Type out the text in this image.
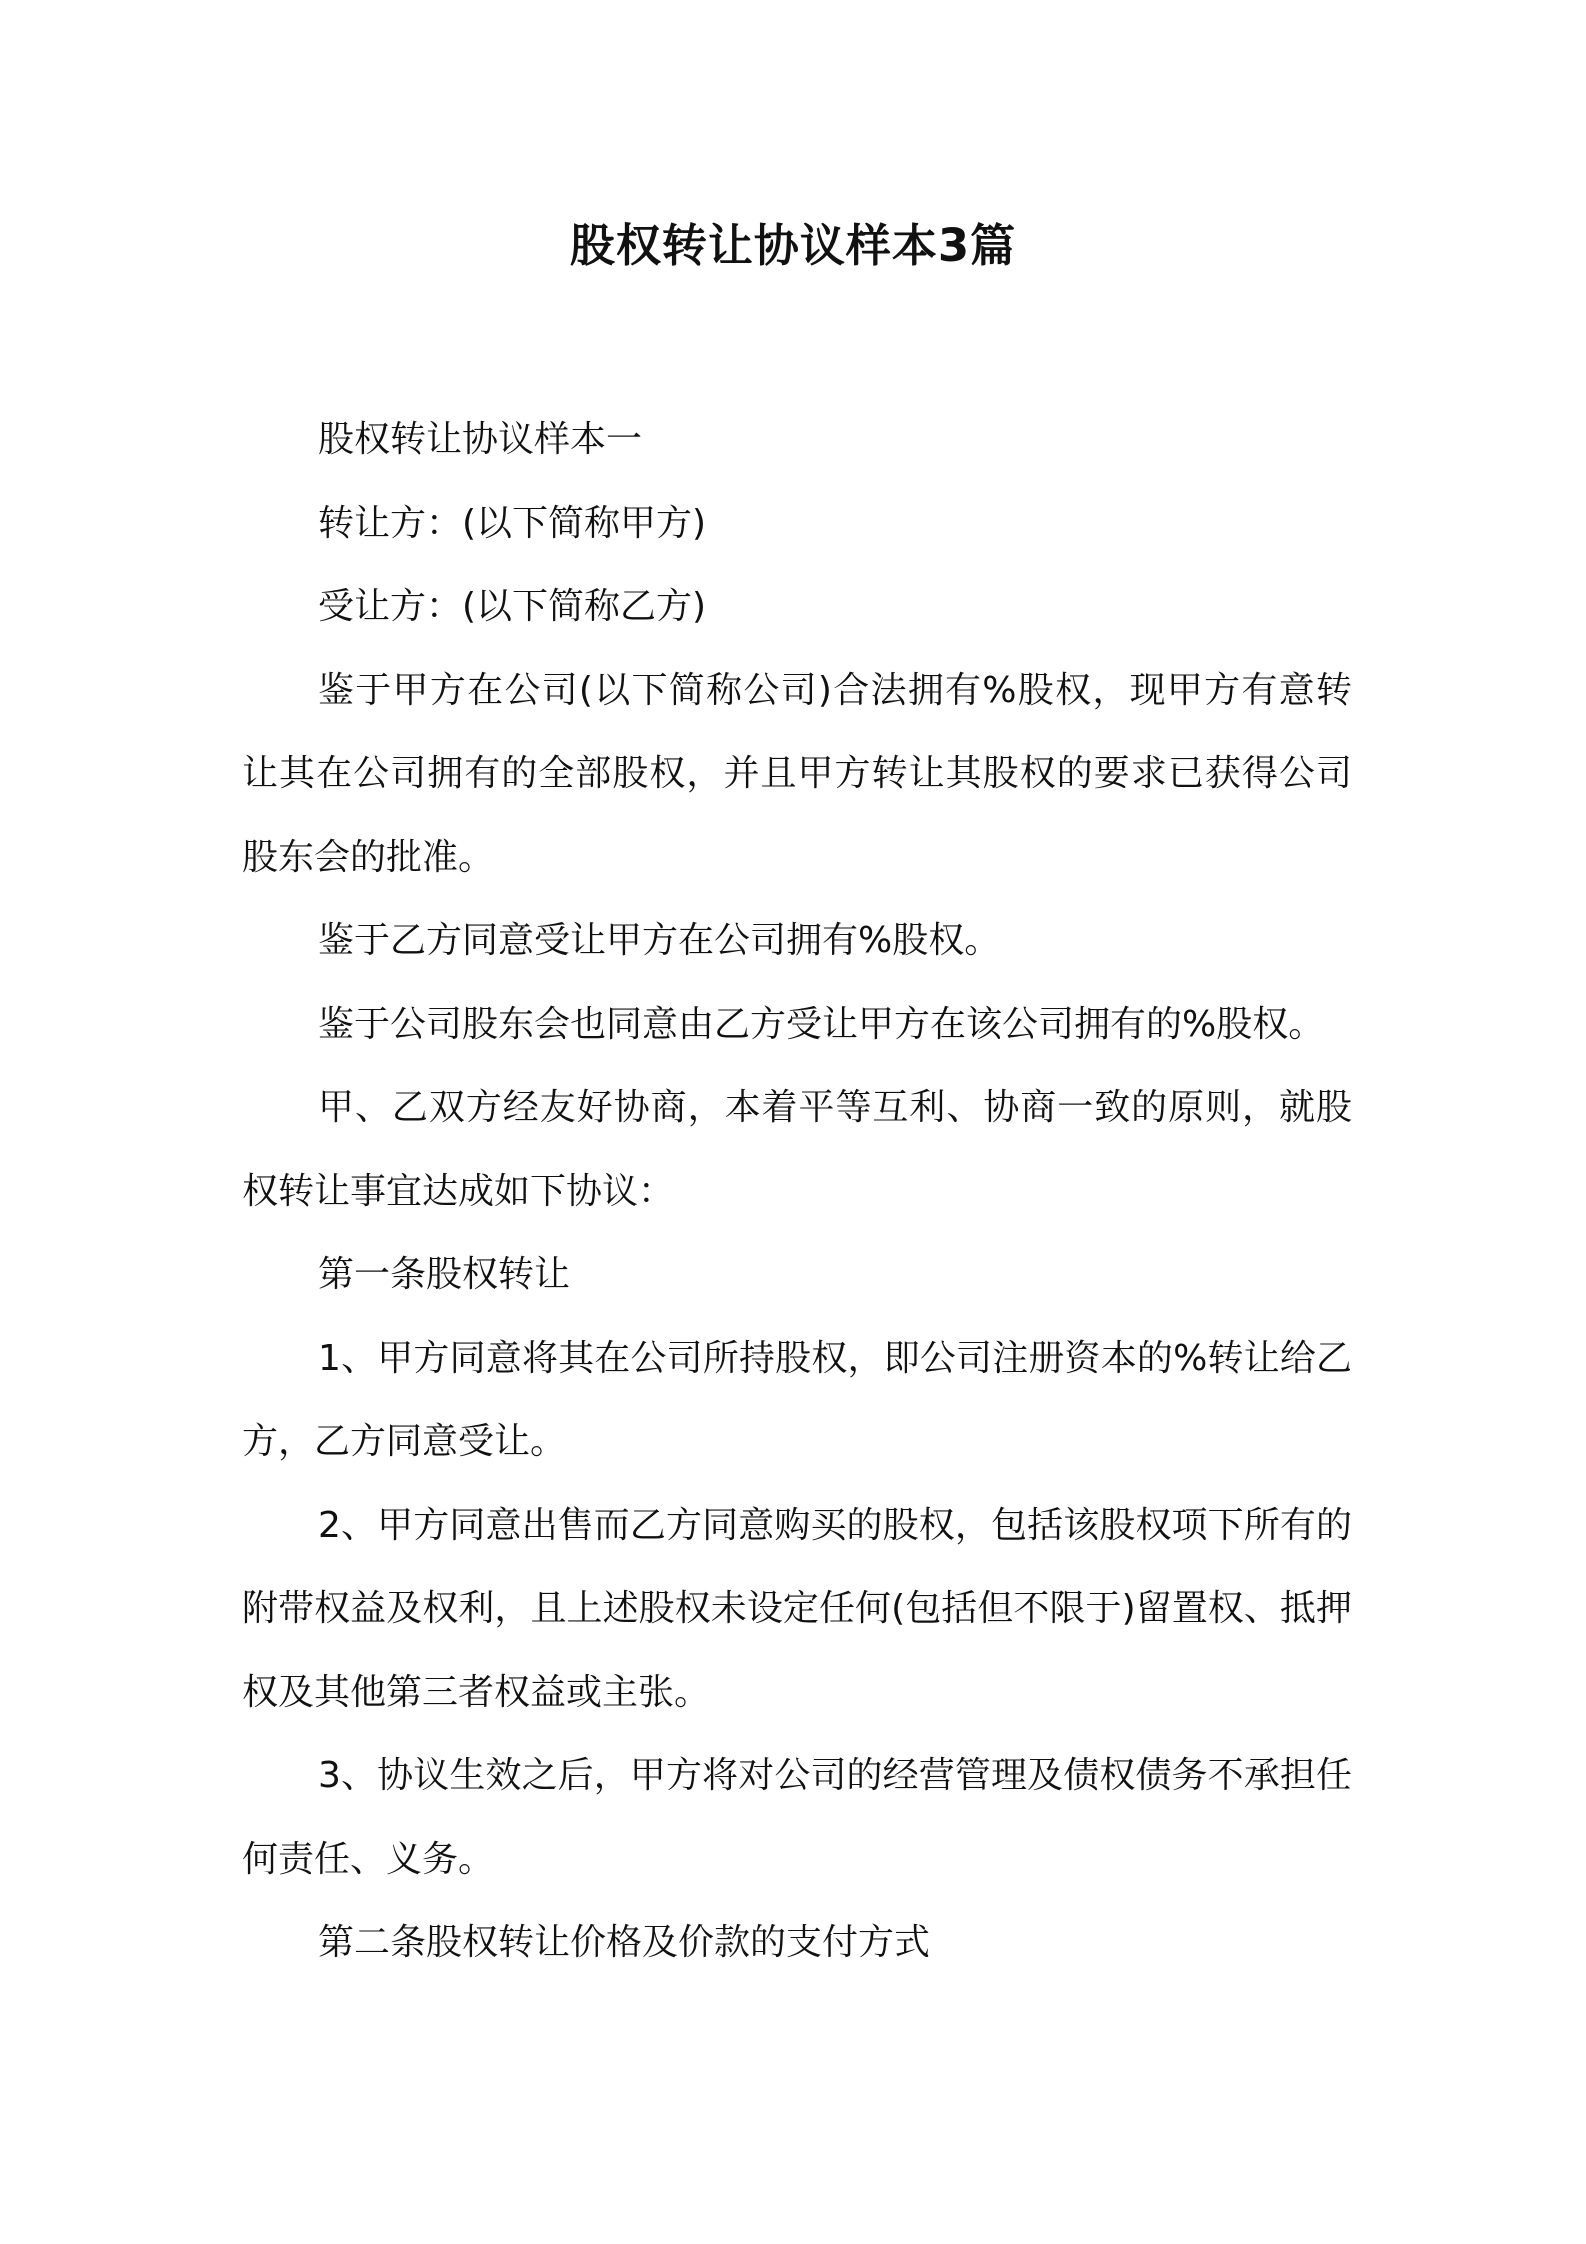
股权转让协议样本3篇

股权转让协议样本一

转让方：(以下简称甲方)

受让方：(以下简称乙方)

鉴于甲方在公司(以下简称公司)合法拥有%股权，现甲方有意转让其在公司拥有的全部股权，并且甲方转让其股权的要求已获得公司股东会的批准。

鉴于乙方同意受让甲方在公司拥有%股权。

鉴于公司股东会也同意由乙方受让甲方在该公司拥有的%股权。

甲、乙双方经友好协商，本着平等互利、协商一致的原则，就股权转让事宜达成如下协议：

第一条股权转让

1、甲方同意将其在公司所持股权，即公司注册资本的%转让给乙方，乙方同意受让。

2、甲方同意出售而乙方同意购买的股权，包括该股权项下所有的附带权益及权利，且上述股权未设定任何(包括但不限于)留置权、抵押权及其他第三者权益或主张。

3、协议生效之后，甲方将对公司的经营管理及债权债务不承担任何责任、义务。

第二条股权转让价格及价款的支付方式
